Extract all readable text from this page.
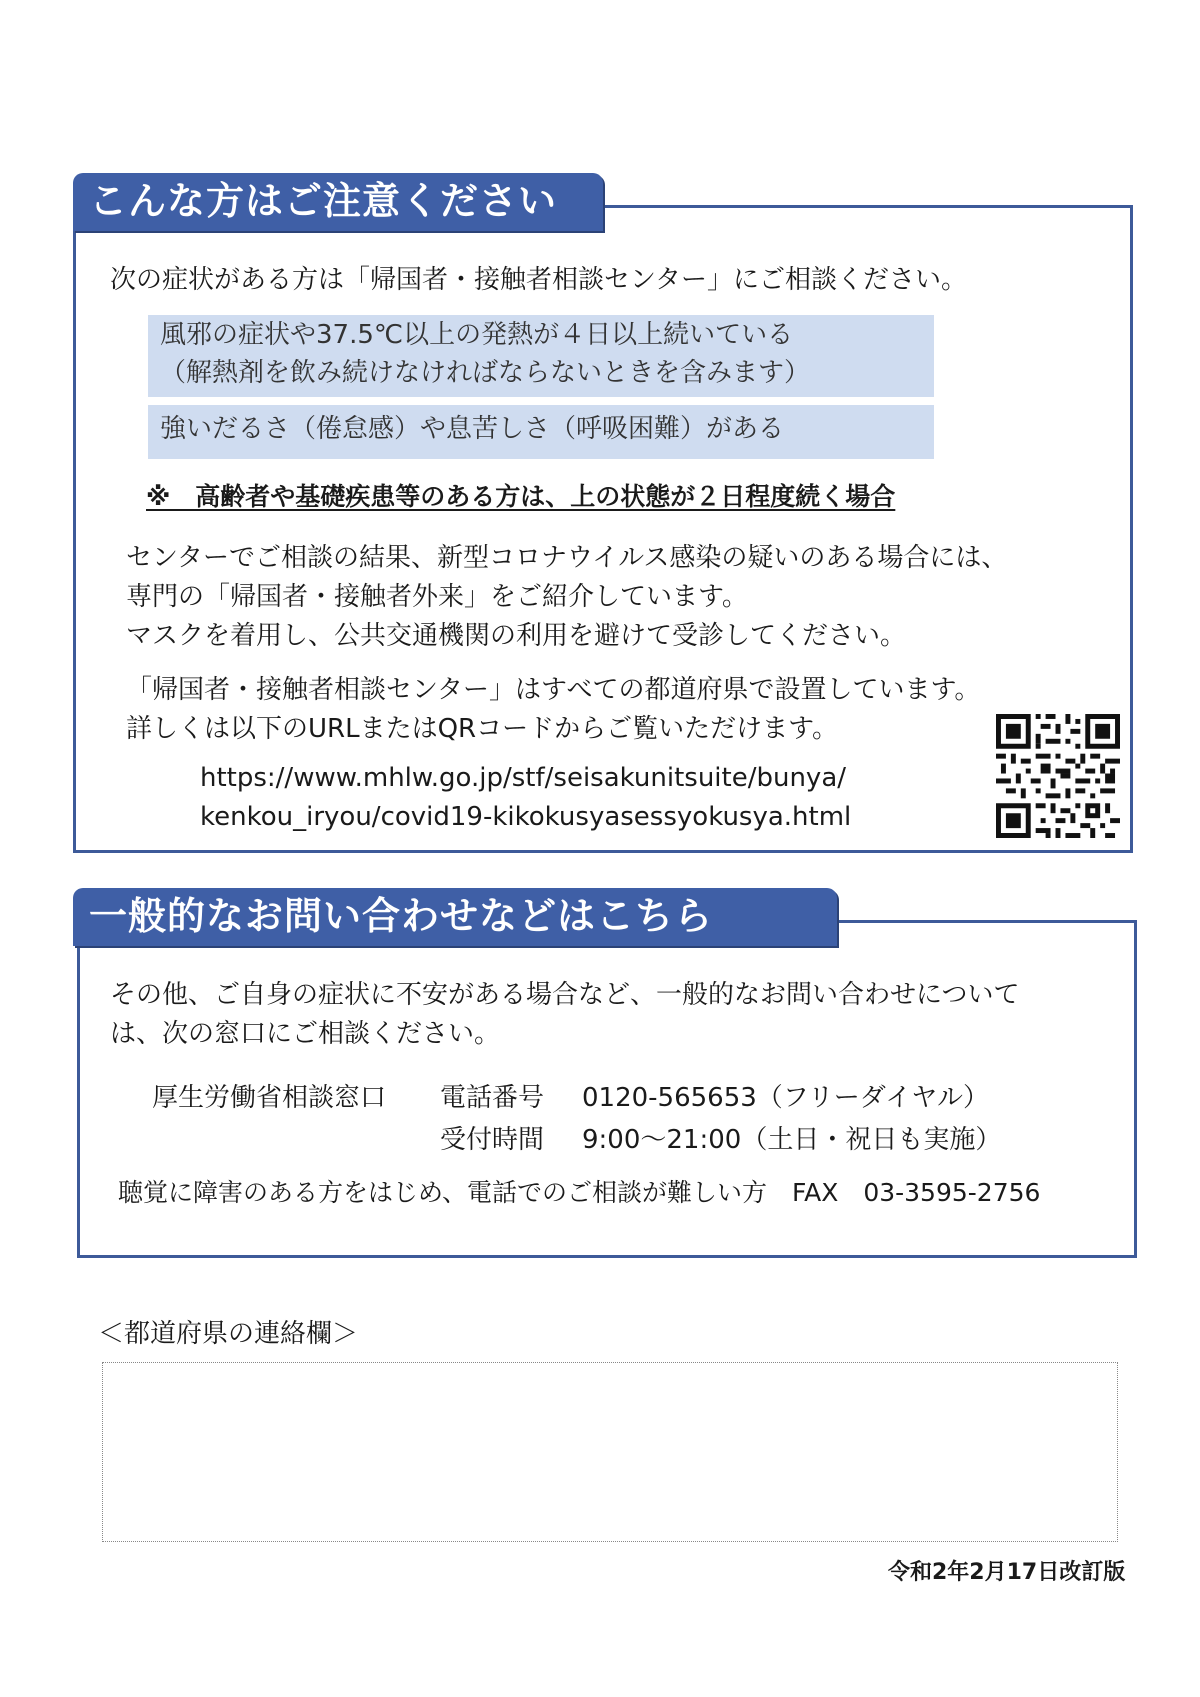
こんな方はご注意ください
次の症状がある方は「帰国者・接触者相談センター」にご相談ください。
風邪の症状や37.5℃以上の発熱が４日以上続いている
（解熱剤を飲み続けなければならないときを含みます）
強いだるさ（倦怠感）や息苦しさ（呼吸困難）がある
※　高齢者や基礎疾患等のある方は、上の状態が２日程度続く場合
センターでご相談の結果、新型コロナウイルス感染の疑いのある場合には、
専門の「帰国者・接触者外来」をご紹介しています。
マスクを着用し、公共交通機関の利用を避けて受診してください。
「帰国者・接触者相談センター」はすべての都道府県で設置しています。
詳しくは以下のURLまたはQRコードからご覧いただけます。
https://www.mhlw.go.jp/stf/seisakunitsuite/bunya/
kenkou_iryou/covid19-kikokusyasessyokusya.html
一般的なお問い合わせなどはこちら
その他、ご自身の症状に不安がある場合など、一般的なお問い合わせについて
は、次の窓口にご相談ください。
厚生労働省相談窓口 電話番号 0120-565653（フリーダイヤル）
受付時間 9:00～21:00（土日・祝日も実施）
聴覚に障害のある方をはじめ、電話でのご相談が難しい方　FAX　03-3595-2756
＜都道府県の連絡欄＞
令和2年2月17日改訂版
